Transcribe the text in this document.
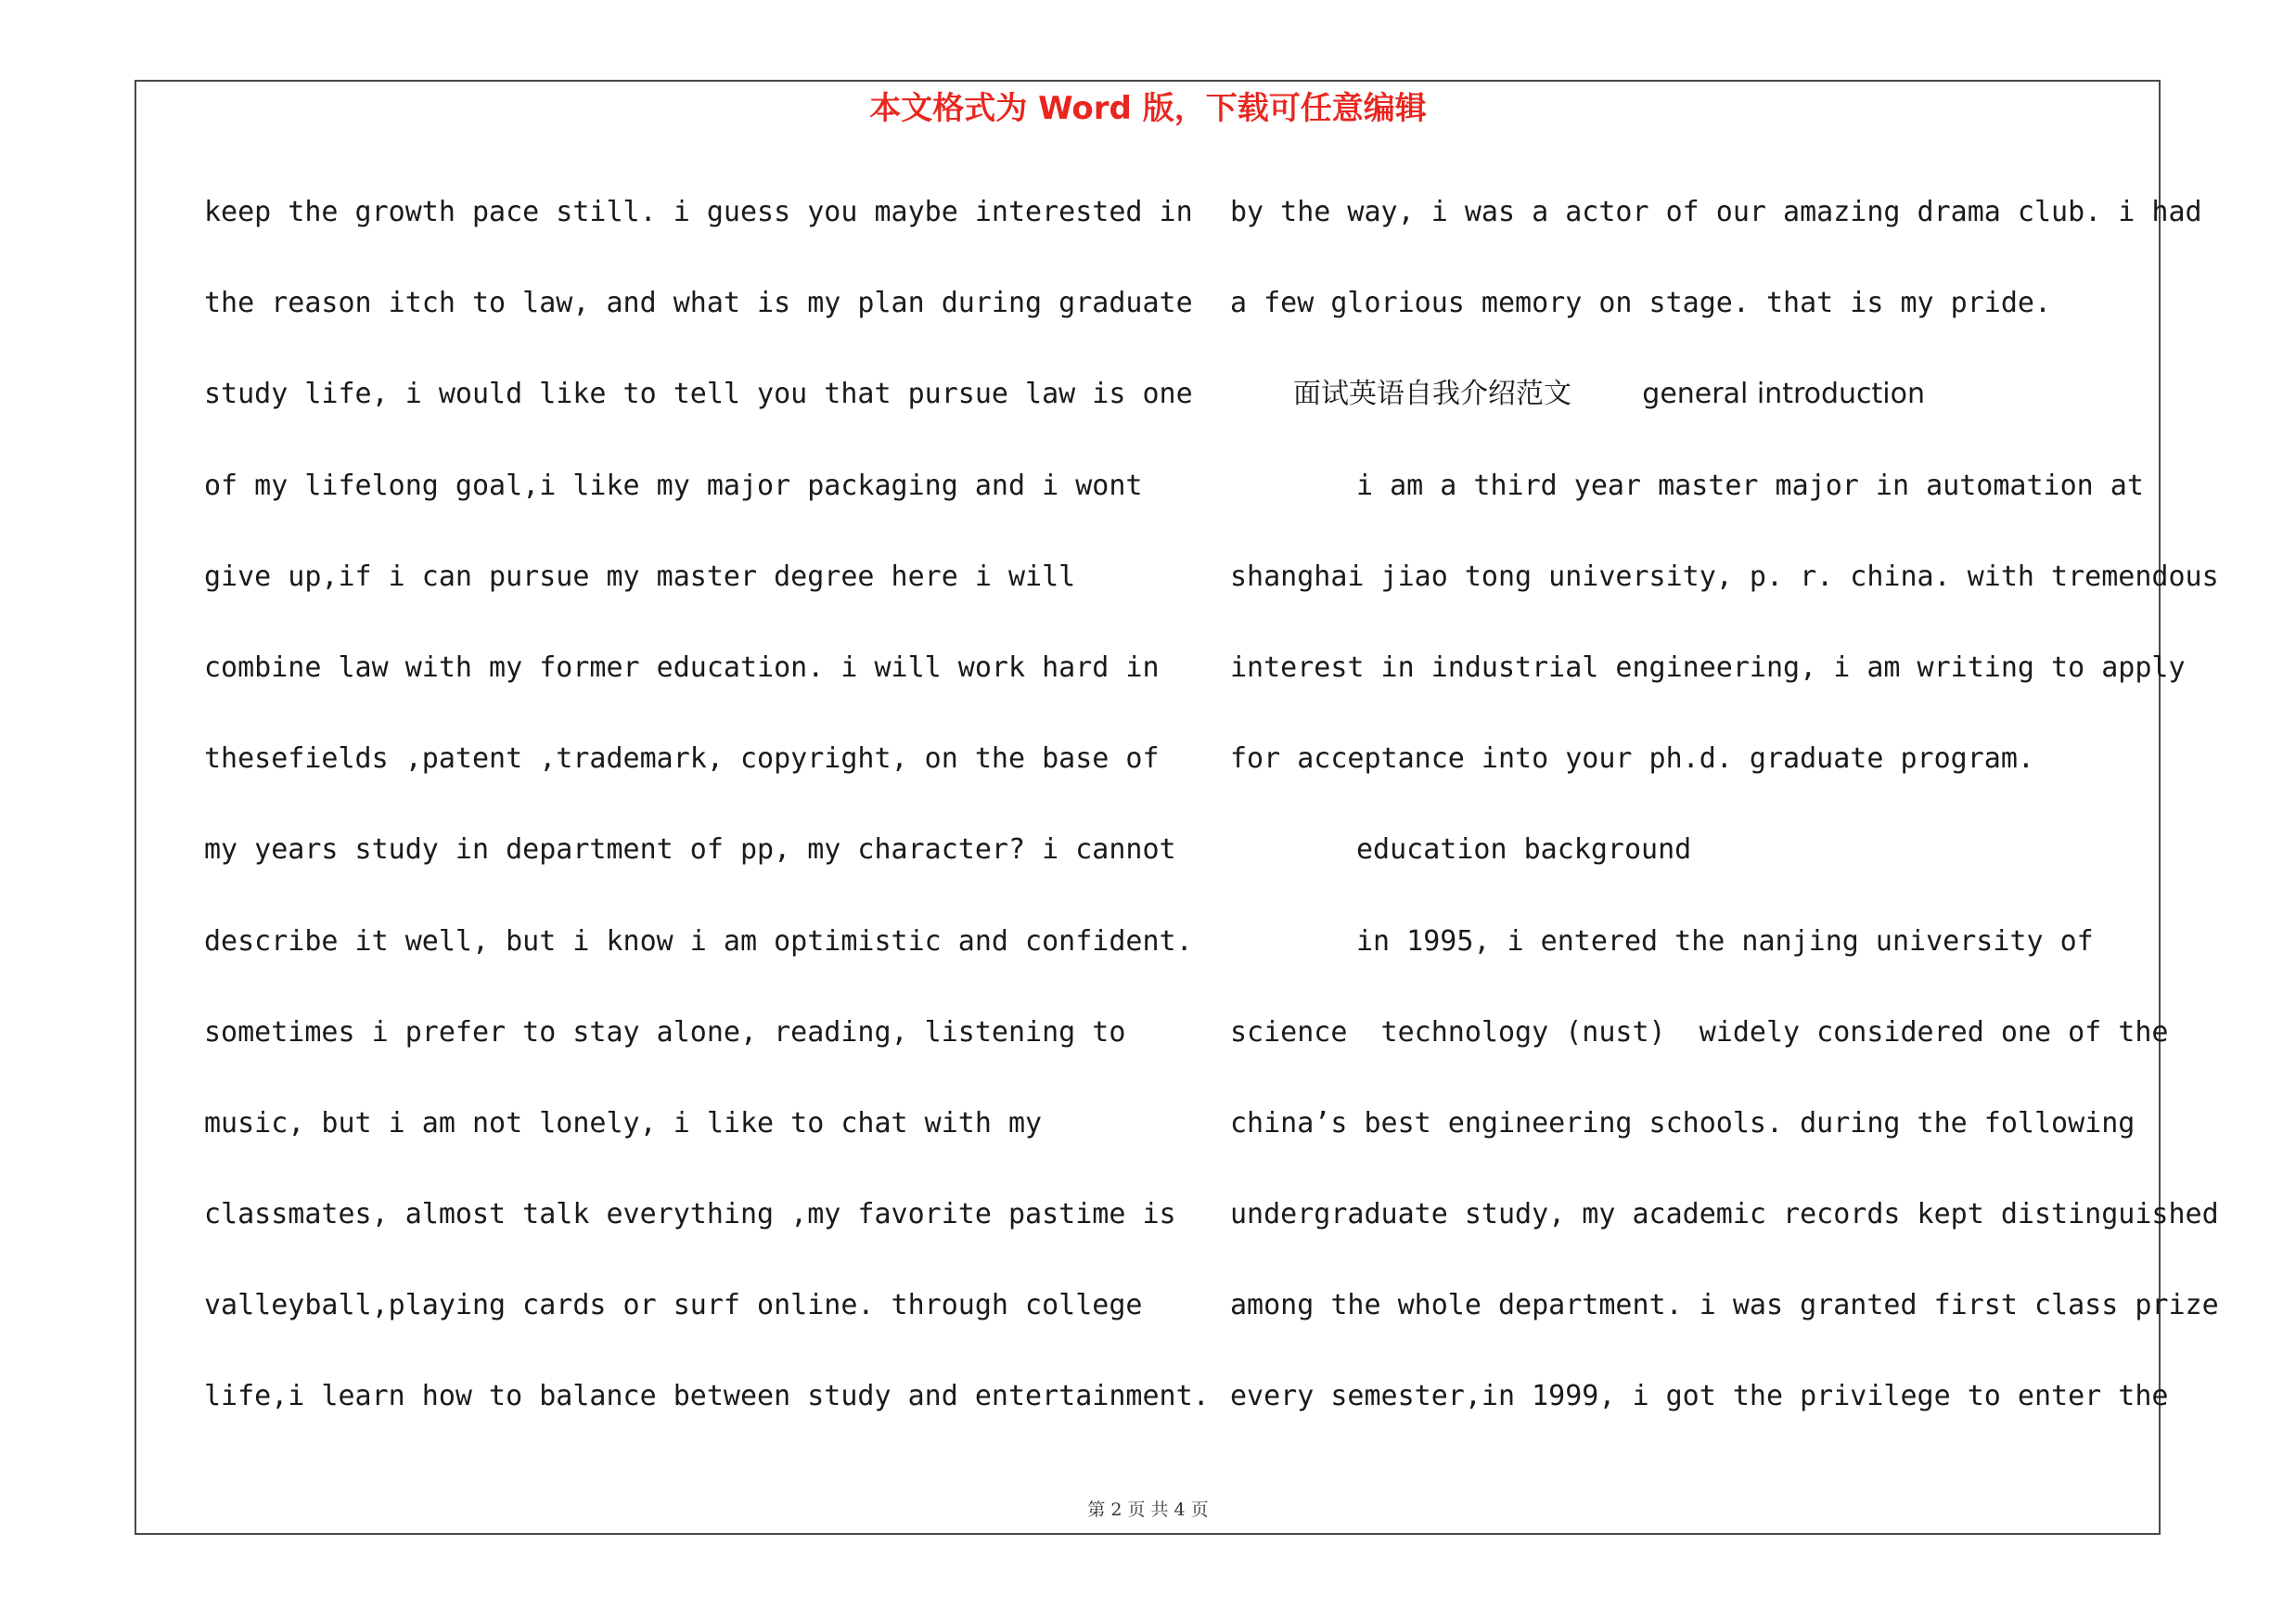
本文格式为 Word 版，下载可任意编辑
keep the growth pace still. i guess you maybe interested in
the reason itch to law, and what is my plan during graduate
study life, i would like to tell you that pursue law is one
of my lifelong goal,i like my major packaging and i wont
give up,if i can pursue my master degree here i will
combine law with my former education. i will work hard in
thesefields ,patent ,trademark, copyright, on the base of
my years study in department of pp, my character? i cannot
describe it well, but i know i am optimistic and confident.
sometimes i prefer to stay alone, reading, listening to
music, but i am not lonely, i like to chat with my
classmates, almost talk everything ,my favorite pastime is
valleyball,playing cards or surf online. through college
life,i learn how to balance between study and entertainment.
by the way, i was a actor of our amazing drama club. i had
a few glorious memory on stage. that is my pride.
面试英语自我介绍范文        general introduction
i am a third year master major in automation at
shanghai jiao tong university, p. r. china. with tremendous
interest in industrial engineering, i am writing to apply
for acceptance into your ph.d. graduate program.
education background
in 1995, i entered the nanjing university of
science  technology (nust)  widely considered one of the
china’s best engineering schools. during the following
undergraduate study, my academic records kept distinguished
among the whole department. i was granted first class prize
every semester,in 1999, i got the privilege to enter the
第 2 页 共 4 页
